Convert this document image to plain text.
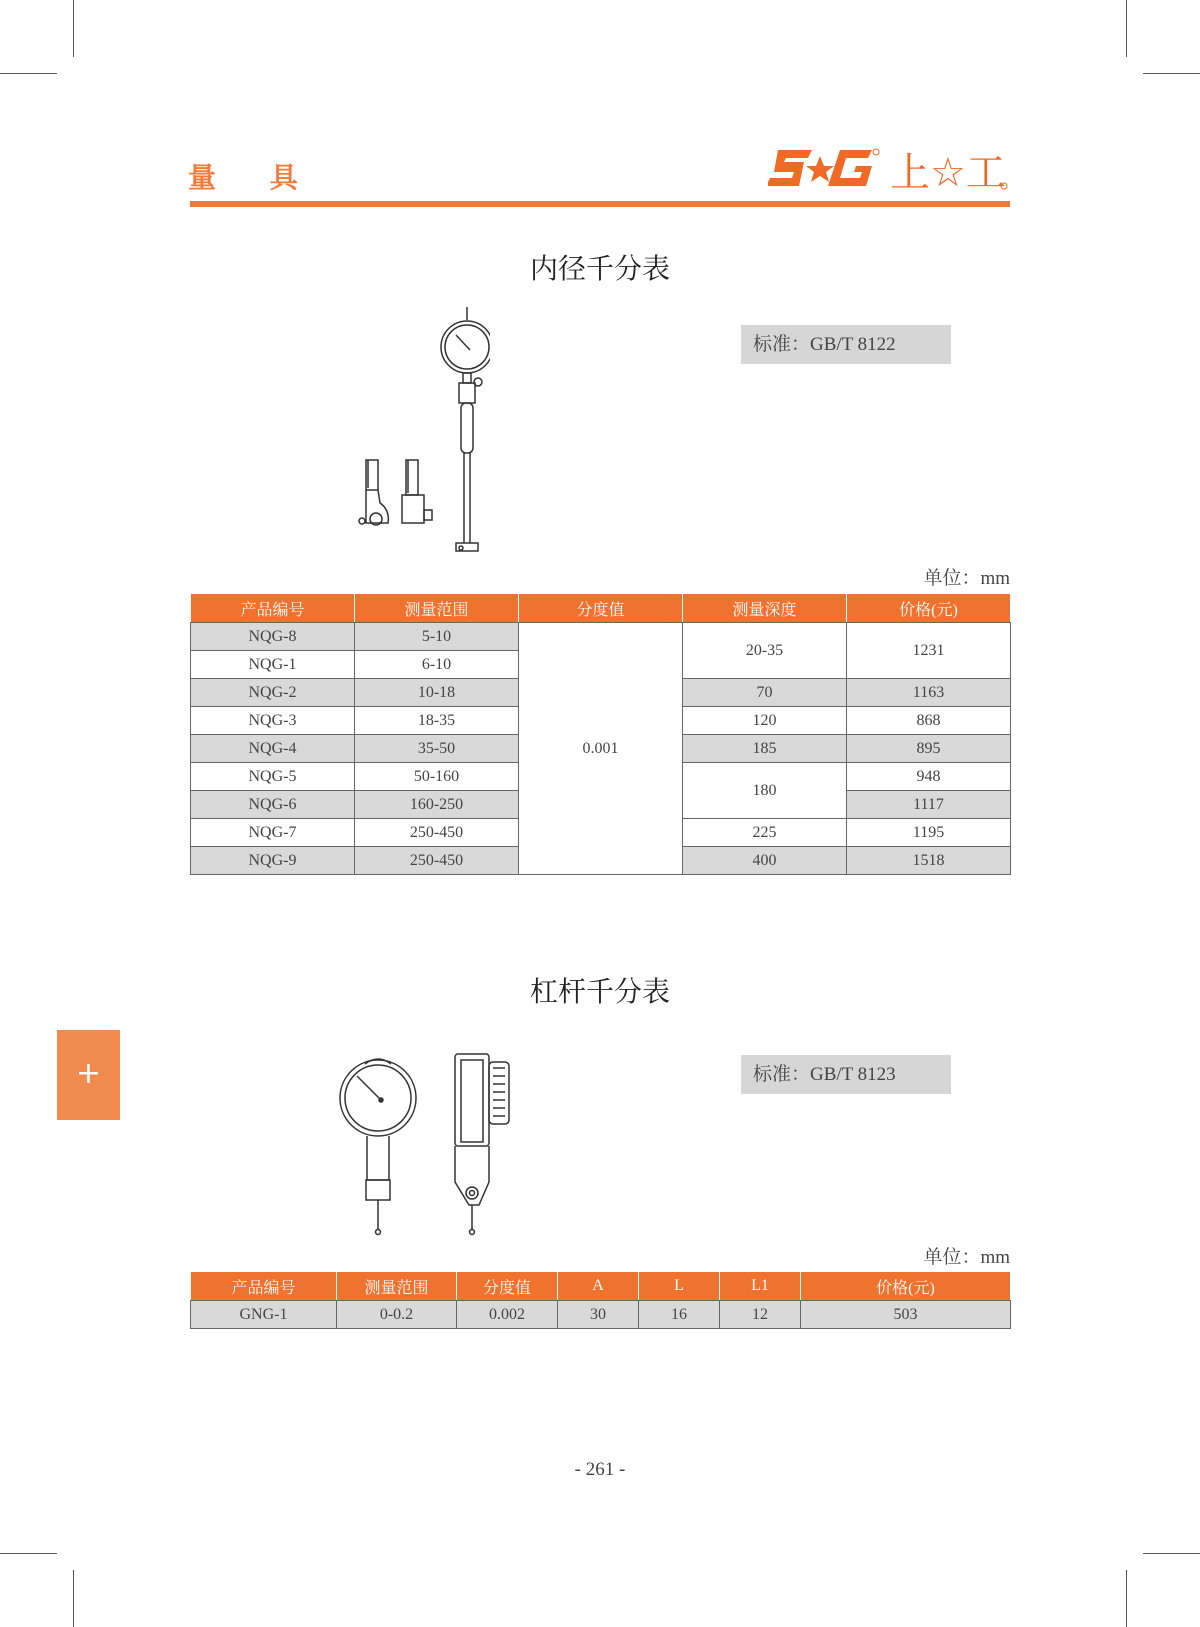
量 具	上☆工
内径千分表
标准：GB/T 8122
单位：mm
产品编号	测量范围	分度值	测量深度	价格(元)
NQG-8	5-10	0.001	20-35	1231
NQG-1	6-10			
NQG-2	10-18		70	1163
NQG-3	18-35		120	868
NQG-4	35-50		185	895
NQG-5	50-160		180	948
NQG-6	160-250			1117
NQG-7	250-450		225	1195
NQG-9	250-450		400	1518
杠杆千分表
标准：GB/T 8123
单位：mm
产品编号	测量范围	分度值	A	L	L1	价格(元)
GNG-1	0-0.2	0.002	30	16	12	503
+
- 261 -
